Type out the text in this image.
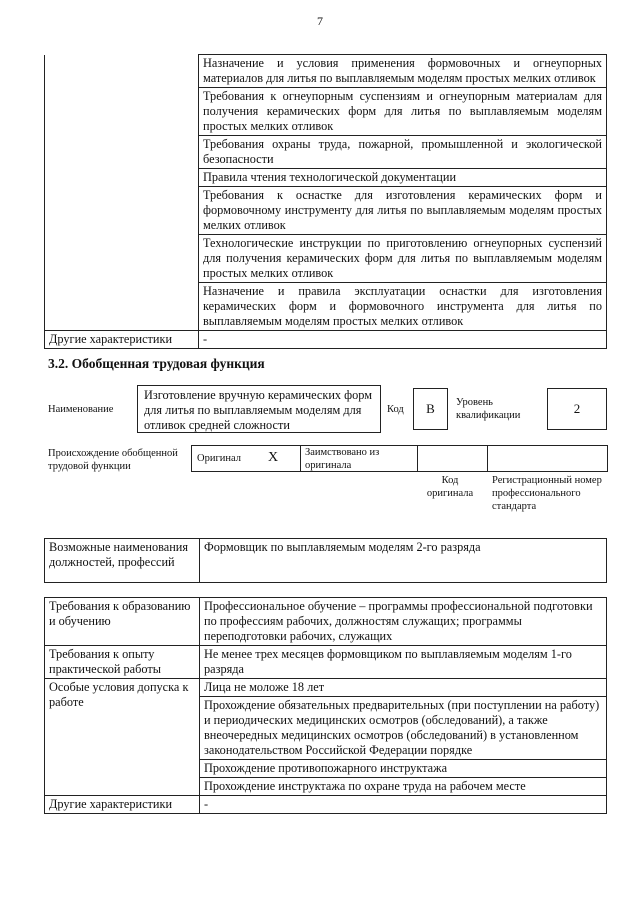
7
	Назначение и условия применения формовочных и огнеупорных материалов для литья по выплавляемым моделям простых мелких отливок
	Требования к огнеупорным суспензиям и огнеупорным материалам для получения керамических форм для литья по выплавляемым моделям простых мелких отливок
	Требования охраны труда, пожарной, промышленной и экологической безопасности
	Правила чтения технологической документации
	Требования к оснастке для изготовления керамических форм и формовочному инструменту для литья по выплавляемым моделям простых мелких отливок
	Технологические инструкции по приготовлению огнеупорных суспензий для получения керамических форм для литья по выплавляемым моделям простых мелких отливок
	Назначение и правила эксплуатации оснастки для изготовления керамических форм и формовочного инструмента для литья по выплавляемым моделям простых мелких отливок
Другие характеристики	-
3.2. Обобщенная трудовая функция
Наименование
Изготовление вручную керамических форм для литья по выплавляемым моделям для отливок средней сложности
Код	B	Уровень квалификации	2
Происхождение обобщенной трудовой функции
Оригинал X	Заимствовано из оригинала
Код оригинала
Регистрационный номер профессионального стандарта
Возможные наименования должностей, профессий	Формовщик по выплавляемым моделям 2-го разряда
Требования к образованию и обучению	Профессиональное обучение – программы профессиональной подготовки по профессиям рабочих, должностям служащих; программы переподготовки рабочих, служащих
Требования к опыту практической работы	Не менее трех месяцев формовщиком по выплавляемым моделям 1-го разряда
Особые условия допуска к работе	Лица не моложе 18 лет
	Прохождение обязательных предварительных (при поступлении на работу) и периодических медицинских осмотров (обследований), а также внеочередных медицинских осмотров (обследований) в установленном законодательством Российской Федерации порядке
	Прохождение противопожарного инструктажа
	Прохождение инструктажа по охране труда на рабочем месте
Другие характеристики	-
